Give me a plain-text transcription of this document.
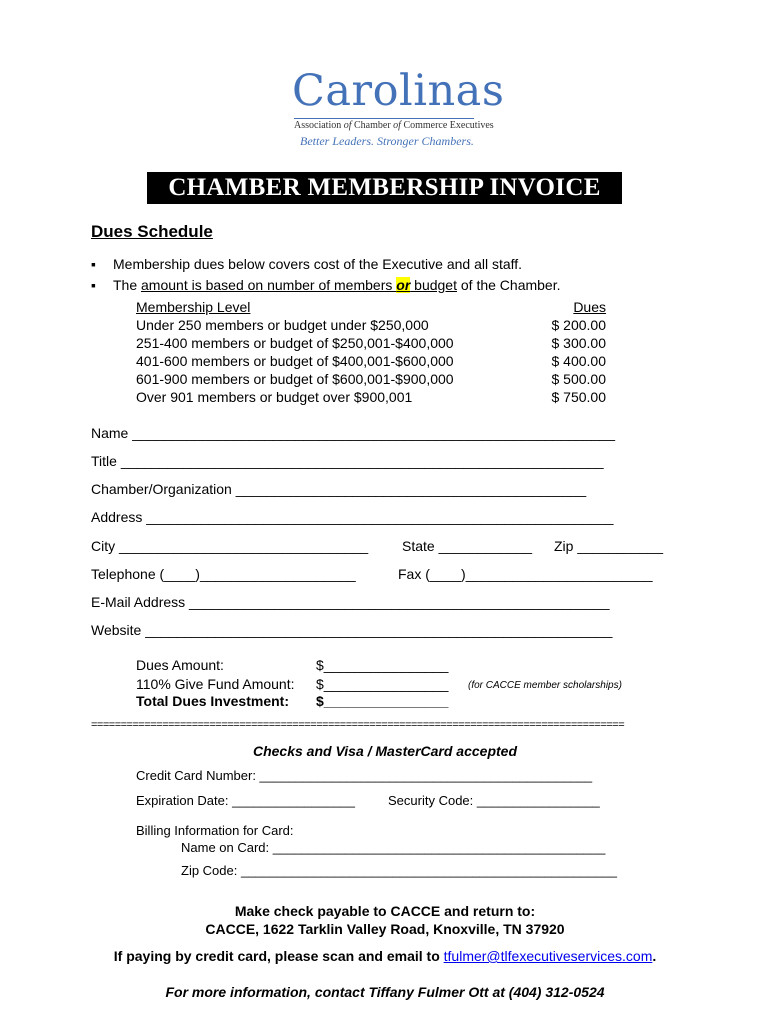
Carolinas
Association of Chamber of Commerce Executives
Better Leaders. Stronger Chambers.
CHAMBER MEMBERSHIP INVOICE
Dues Schedule
▪ Membership dues below covers cost of the Executive and all staff.
▪ The amount is based on number of members or budget of the Chamber.
Membership Level	Dues
Under 250 members or budget under $250,000	$ 200.00
251-400 members or budget of $250,001-$400,000	$ 300.00
401-600 members or budget of $400,001-$600,000	$ 400.00
601-900 members or budget of $600,001-$900,000	$ 500.00
Over 901 members or budget over $900,001	$ 750.00
Name ______________________________________________________________
Title ______________________________________________________________
Chamber/Organization _____________________________________________
Address ____________________________________________________________
City ________________________________ State ____________ Zip ___________
Telephone (____)____________________	Fax (____)________________________
E-Mail Address ______________________________________________________
Website ____________________________________________________________
Dues Amount:	$________________
110% Give Fund Amount: $________________ (for CACCE member scholarships)
Total Dues Investment: $________________
==========================================================================================
Checks and Visa / MasterCard accepted
Credit Card Number: ______________________________________________
Expiration Date: _________________	Security Code: _________________
Billing Information for Card:
Name on Card: ______________________________________________
Zip Code: ____________________________________________________
Make check payable to CACCE and return to:
CACCE, 1622 Tarklin Valley Road, Knoxville, TN 37920
If paying by credit card, please scan and email to tfulmer@tlfexecutiveservices.com.
For more information, contact Tiffany Fulmer Ott at (404) 312-0524
